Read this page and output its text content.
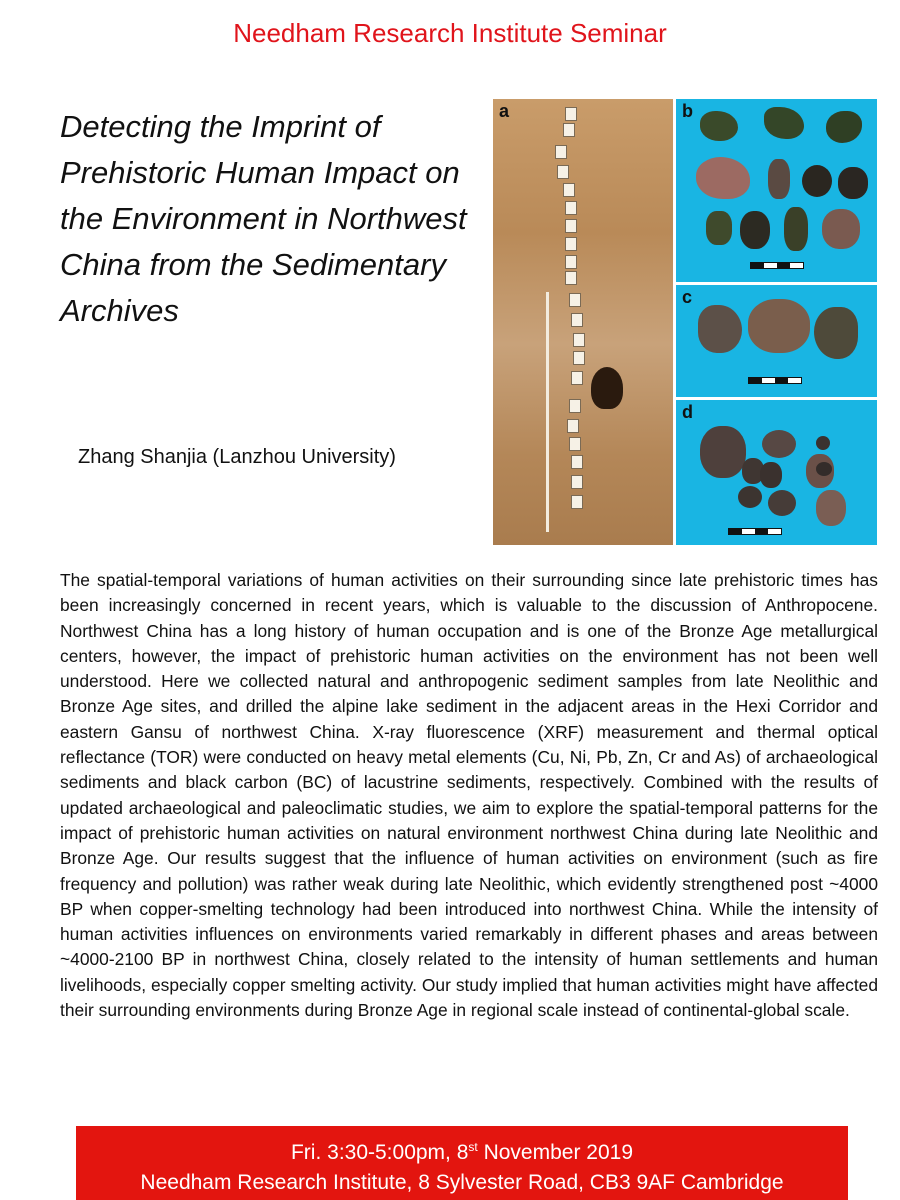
Needham Research Institute Seminar
Detecting the Imprint of Prehistoric Human Impact on the Environment in Northwest China from the Sedimentary Archives
Zhang Shanjia (Lanzhou University)
a	b
c
d
The spatial-temporal variations of human activities on their surrounding since late prehistoric times has been increasingly concerned in recent years, which is valuable to the discussion of Anthropocene. Northwest China has a long history of human occupation and is one of the Bronze Age metallurgical centers, however, the impact of prehistoric human activities on the environment has not been well understood. Here we collected natural and anthropogenic sediment samples from late Neolithic and Bronze Age sites, and drilled the alpine lake sediment in the adjacent areas in the Hexi Corridor and eastern Gansu of northwest China. X-ray fluorescence (XRF) measurement and thermal optical reflectance (TOR) were conducted on heavy metal elements (Cu, Ni, Pb, Zn, Cr and As) of archaeological sediments and black carbon (BC) of lacustrine sediments, respectively. Combined with the results of updated archaeological and paleoclimatic studies, we aim to explore the spatial-temporal patterns for the impact of prehistoric human activities on natural environment northwest China during late Neolithic and Bronze Age. Our results suggest that the influence of human activities on environment (such as fire frequency and pollution) was rather weak during late Neolithic, which evidently strengthened post ~4000 BP when copper-smelting technology had been introduced into northwest China. While the intensity of human activities influences on environments varied remarkably in different phases and areas between ~4000-2100 BP in northwest China, closely related to the intensity of human settlements and human livelihoods, especially copper smelting activity. Our study implied that human activities might have affected their surrounding environments during Bronze Age in regional scale instead of continental-global scale.
Fri. 3:30-5:00pm, 8st November 2019
Needham Research Institute, 8 Sylvester Road, CB3 9AF Cambridge
